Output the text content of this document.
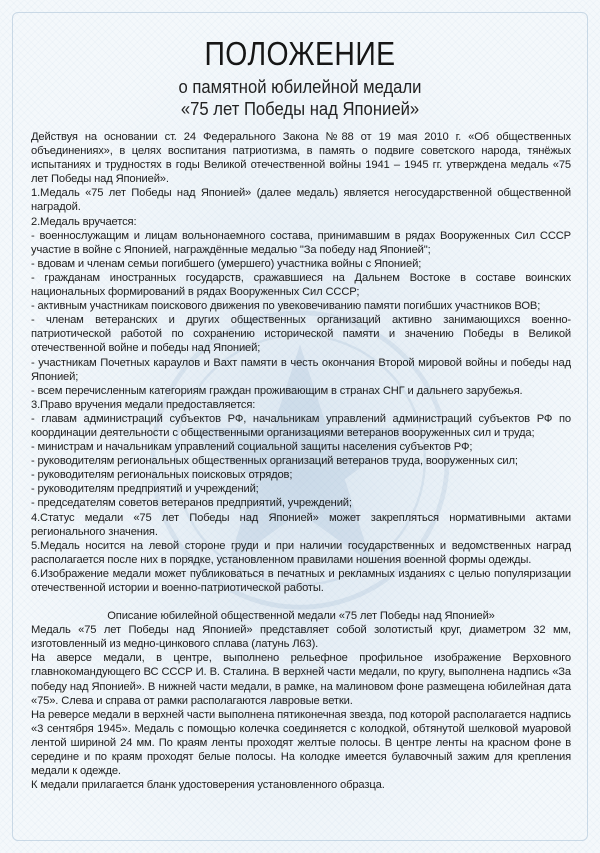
ПОЛОЖЕНИЕ
о памятной юбилейной медали
«75 лет Победы над Японией»

Действуя на основании ст. 24 Федерального Закона №88 от 19 мая 2010 г. «Об общественных объединениях», в целях воспитания патриотизма, в память о подвиге советского народа, тянёжых испытаниях и трудностях в годы Великой отечественной войны 1941 – 1945 гг. утверждена медаль «75 лет Победы над Японией».

1.Медаль «75 лет Победы над Японией» (далее медаль) является негосударственной общественной наградой.

2.Медаль вручается:

- военнослужащим и лицам вольнонаемного состава, принимавшим в рядах Вооруженных Сил СССР участие в войне с Японией, награждённые медалью "За победу над Японией";

- вдовам и членам семьи погибшего (умершего) участника войны с Японией;

- гражданам иностранных государств, сражавшиеся на Дальнем Востоке в составе воинских национальных формирований в рядах Вооруженных Сил СССР;

- активным участникам поискового движения по увековечиванию памяти погибших участников ВОВ;

- членам ветеранских и других общественных организаций активно занимающихся военно-патриотической работой по сохранению исторической памяти и значению Победы в Великой отечественной войне и победы над Японией;

- участникам Почетных караулов и Вахт памяти в честь окончания Второй мировой войны и победы над Японией;

- всем перечисленным категориям граждан проживающим в странах СНГ и дальнего зарубежья.

3.Право вручения медали предоставляется:

- главам администраций субъектов РФ, начальникам управлений администраций субъектов РФ по координации деятельности с общественными организациями ветеранов вооруженных сил и труда;

- министрам и начальникам управлений социальной защиты населения субъектов РФ;

- руководителям региональных общественных организаций ветеранов труда, вооруженных сил;

- руководителям региональных поисковых отрядов;

- руководителям предприятий и учреждений;

- председателям советов ветеранов предприятий, учреждений;

4.Статус медали «75 лет Победы над Японией» может закрепляться нормативными актами регионального значения.

5.Медаль носится на левой стороне груди и при наличии государственных и ведомственных наград располагается после них в порядке, установленном правилами ношения военной формы одежды.

6.Изображение медали может публиковаться в печатных и рекламных изданиях с целью популяризации отечественной истории и военно-патриотической работы.

Описание юбилейной общественной медали «75 лет Победы над Японией»

Медаль «75 лет Победы над Японией» представляет собой золотистый круг, диаметром 32 мм, изготовленный из медно-цинкового сплава (латунь Л63).

На аверсе медали, в центре, выполнено рельефное профильное изображение Верховного главнокомандующего ВС СССР И. В. Сталина. В верхней части медали, по кругу, выполнена надпись «За победу над Японией». В нижней части медали, в рамке, на малиновом фоне размещена юбилейная дата «75». Слева и справа от рамки располагаются лавровые ветки.

На реверсе медали в верхней части выполнена пятиконечная звезда, под которой располагается надпись «3 сентября 1945». Медаль с помощью колечка соединяется с колодкой, обтянутой шелковой муаровой лентой шириной 24 мм. По краям ленты проходят желтые полосы. В центре ленты на красном фоне в середине и по краям проходят белые полосы. На колодке имеется булавочный зажим для крепления медали к одежде.

К медали прилагается бланк удостоверения установленного образца.
